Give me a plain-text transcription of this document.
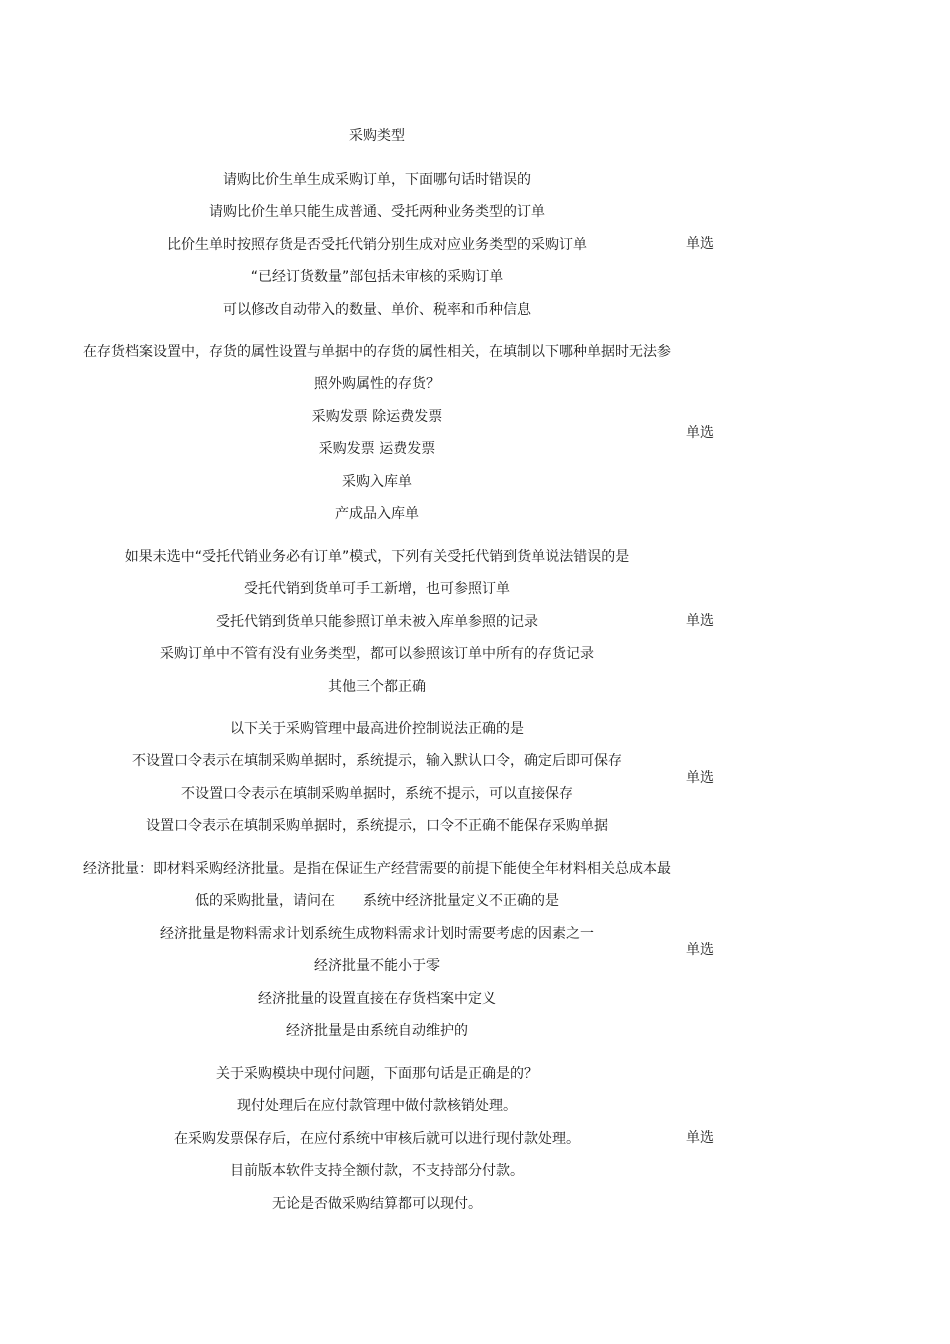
采购类型
请购比价生单生成采购订单，下面哪句话时错误的
请购比价生单只能生成普通、受托两种业务类型的订单
比价生单时按照存货是否受托代销分别生成对应业务类型的采购订单
“已经订货数量”部包括未审核的采购订单
可以修改自动带入的数量、单价、税率和币种信息
单选
在存货档案设置中，存货的属性设置与单据中的存货的属性相关，在填制以下哪种单据时无法参
照外购属性的存货？
采购发票 除运费发票
采购发票 运费发票
采购入库单
产成品入库单
单选
如果未选中“受托代销业务必有订单”模式，下列有关受托代销到货单说法错误的是
受托代销到货单可手工新增，也可参照订单
受托代销到货单只能参照订单未被入库单参照的记录
采购订单中不管有没有业务类型，都可以参照该订单中所有的存货记录
其他三个都正确
单选
以下关于采购管理中最高进价控制说法正确的是
不设置口令表示在填制采购单据时，系统提示，输入默认口令，确定后即可保存
不设置口令表示在填制采购单据时，系统不提示，可以直接保存
设置口令表示在填制采购单据时，系统提示，口令不正确不能保存采购单据
单选
经济批量：即材料采购经济批量。是指在保证生产经营需要的前提下能使全年材料相关总成本最
低的采购批量，请问在　　系统中经济批量定义不正确的是
经济批量是物料需求计划系统生成物料需求计划时需要考虑的因素之一
经济批量不能小于零
经济批量的设置直接在存货档案中定义
经济批量是由系统自动维护的
单选
关于采购模块中现付问题，下面那句话是正确是的？
现付处理后在应付款管理中做付款核销处理。
在采购发票保存后，在应付系统中审核后就可以进行现付款处理。
目前版本软件支持全额付款，不支持部分付款。
无论是否做采购结算都可以现付。
单选
